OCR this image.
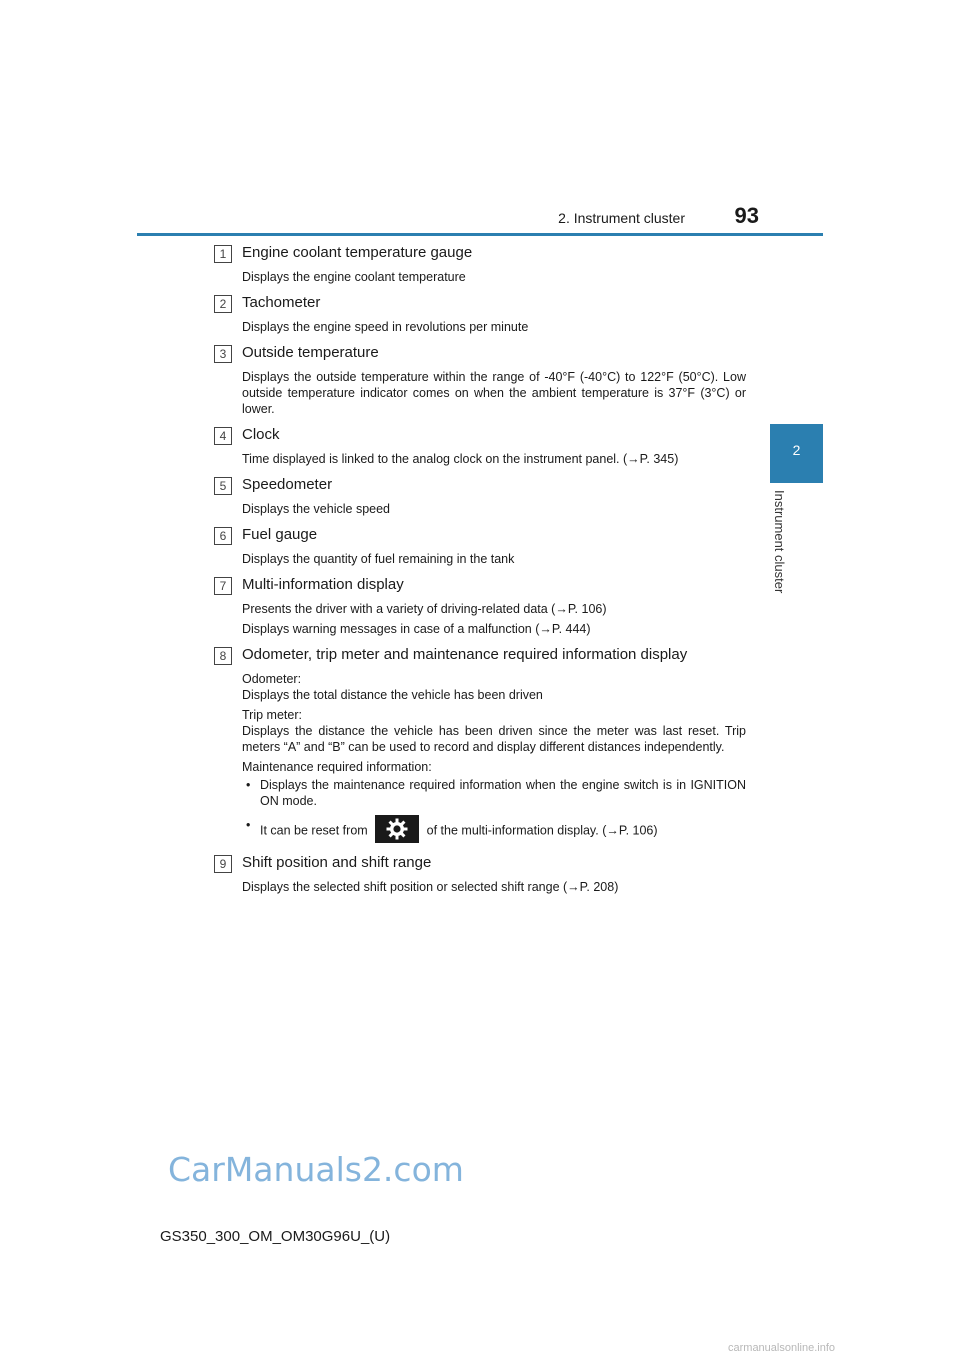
2. Instrument cluster 93
2
Instrument cluster
1	Engine coolant temperature gauge

Displays the engine coolant temperature

2	Tachometer

Displays the engine speed in revolutions per minute

3	Outside temperature

Displays the outside temperature within the range of -40°F (-40°C) to 122°F (50°C). Low outside temperature indicator comes on when the ambient temperature is 37°F (3°C) or lower.

4	Clock

Time displayed is linked to the analog clock on the instrument panel. (→P. 345)

5	Speedometer

Displays the vehicle speed

6	Fuel gauge

Displays the quantity of fuel remaining in the tank

7	Multi-information display

Presents the driver with a variety of driving-related data (→P. 106)

Displays warning messages in case of a malfunction (→P. 444)

8	Odometer, trip meter and maintenance required information display

Odometer:
Displays the total distance the vehicle has been driven

Trip meter:
Displays the distance the vehicle has been driven since the meter was last reset. Trip meters “A” and “B” can be used to record and display different distances independently.

Maintenance required information:

• Displays the maintenance required information when the engine switch is in IGNITION ON mode.
• It can be reset from	of the multi-information display. (→P. 106)
9	Shift position and shift range

Displays the selected shift position or selected shift range (→P. 208)

CarManuals2.com
GS350_300_OM_OM30G96U_(U)
carmanualsonline.info
